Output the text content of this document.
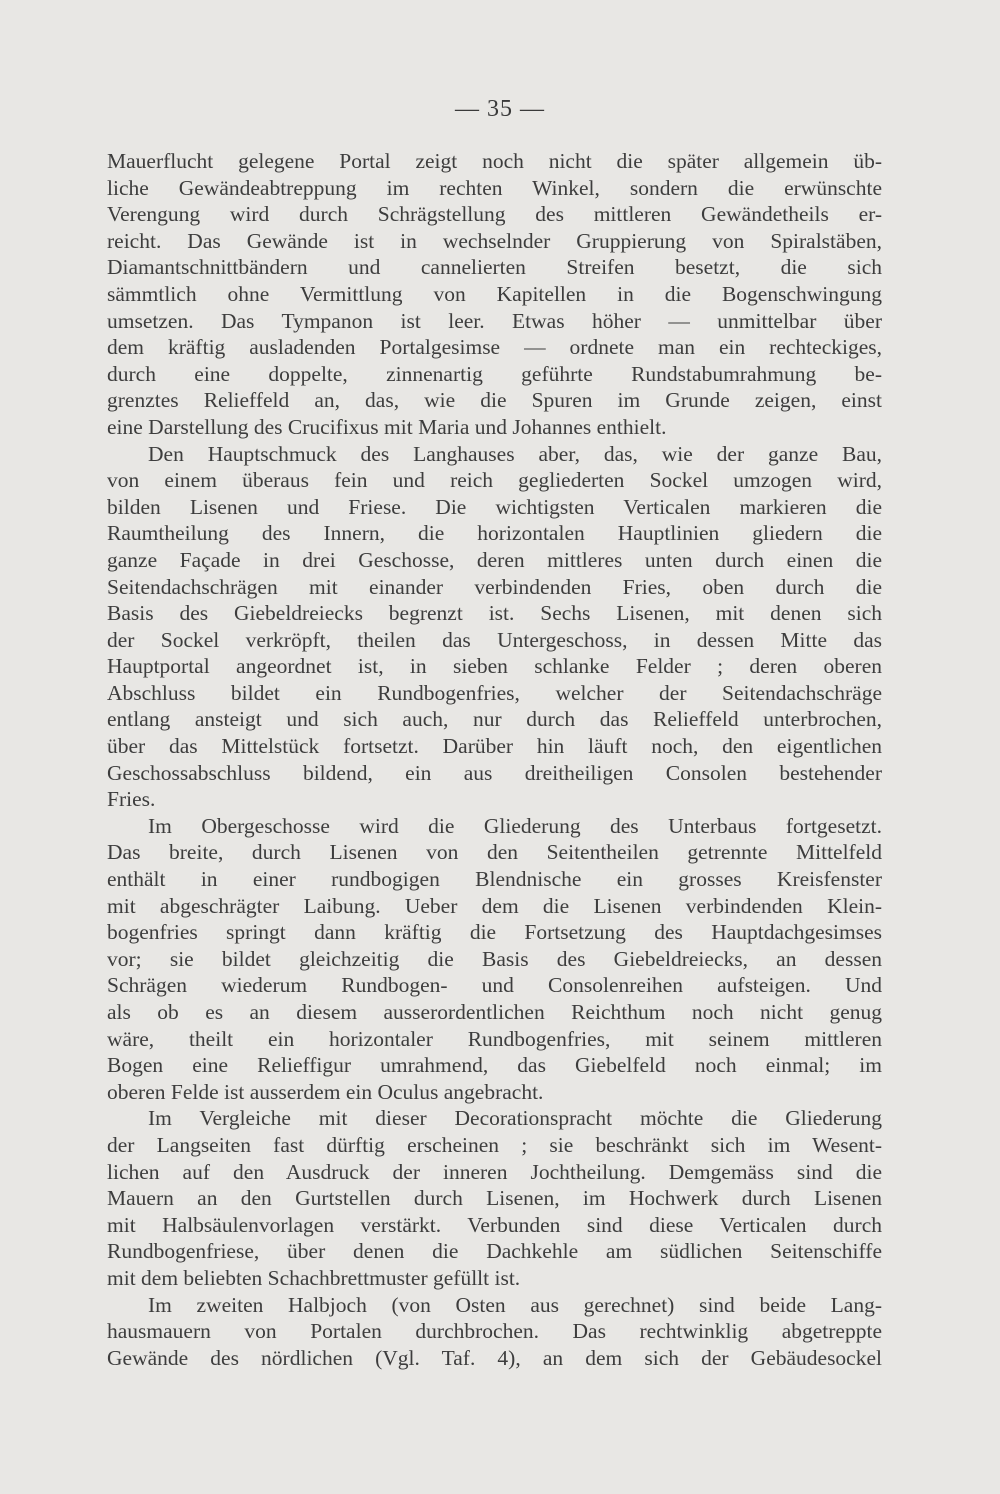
— 35 —
Mauerflucht gelegene Portal zeigt noch nicht die später allgemein üb-
liche Gewändeabtreppung im rechten Winkel, sondern die erwünschte
Verengung wird durch Schrägstellung des mittleren Gewändetheils er-
reicht. Das Gewände ist in wechselnder Gruppierung von Spiralstäben,
Diamantschnittbändern und cannelierten Streifen besetzt, die sich
sämmtlich ohne Vermittlung von Kapitellen in die Bogenschwingung
umsetzen. Das Tympanon ist leer. Etwas höher — unmittelbar über
dem kräftig ausladenden Portalgesimse — ordnete man ein rechteckiges,
durch eine doppelte, zinnenartig geführte Rundstabumrahmung be-
grenztes Relieffeld an, das, wie die Spuren im Grunde zeigen, einst
eine Darstellung des Crucifixus mit Maria und Johannes enthielt.
Den Hauptschmuck des Langhauses aber, das, wie der ganze Bau,
von einem überaus fein und reich gegliederten Sockel umzogen wird,
bilden Lisenen und Friese. Die wichtigsten Verticalen markieren die
Raumtheilung des Innern, die horizontalen Hauptlinien gliedern die
ganze Façade in drei Geschosse, deren mittleres unten durch einen die
Seitendachschrägen mit einander verbindenden Fries, oben durch die
Basis des Giebeldreiecks begrenzt ist. Sechs Lisenen, mit denen sich
der Sockel verkröpft, theilen das Untergeschoss, in dessen Mitte das
Hauptportal angeordnet ist, in sieben schlanke Felder ; deren oberen
Abschluss bildet ein Rundbogenfries, welcher der Seitendachschräge
entlang ansteigt und sich auch, nur durch das Relieffeld unterbrochen,
über das Mittelstück fortsetzt. Darüber hin läuft noch, den eigentlichen
Geschossabschluss bildend, ein aus dreitheiligen Consolen bestehender
Fries.
Im Obergeschosse wird die Gliederung des Unterbaus fortgesetzt.
Das breite, durch Lisenen von den Seitentheilen getrennte Mittelfeld
enthält in einer rundbogigen Blendnische ein grosses Kreisfenster
mit abgeschrägter Laibung. Ueber dem die Lisenen verbindenden Klein-
bogenfries springt dann kräftig die Fortsetzung des Hauptdachgesimses
vor; sie bildet gleichzeitig die Basis des Giebeldreiecks, an dessen
Schrägen wiederum Rundbogen- und Consolenreihen aufsteigen. Und
als ob es an diesem ausserordentlichen Reichthum noch nicht genug
wäre, theilt ein horizontaler Rundbogenfries, mit seinem mittleren
Bogen eine Relieffigur umrahmend, das Giebelfeld noch einmal; im
oberen Felde ist ausserdem ein Oculus angebracht.
Im Vergleiche mit dieser Decorationspracht möchte die Gliederung
der Langseiten fast dürftig erscheinen ; sie beschränkt sich im Wesent-
lichen auf den Ausdruck der inneren Jochtheilung. Demgemäss sind die
Mauern an den Gurtstellen durch Lisenen, im Hochwerk durch Lisenen
mit Halbsäulenvorlagen verstärkt. Verbunden sind diese Verticalen durch
Rundbogenfriese, über denen die Dachkehle am südlichen Seitenschiffe
mit dem beliebten Schachbrettmuster gefüllt ist.
Im zweiten Halbjoch (von Osten aus gerechnet) sind beide Lang-
hausmauern von Portalen durchbrochen. Das rechtwinklig abgetreppte
Gewände des nördlichen (Vgl. Taf. 4), an dem sich der Gebäudesockel
